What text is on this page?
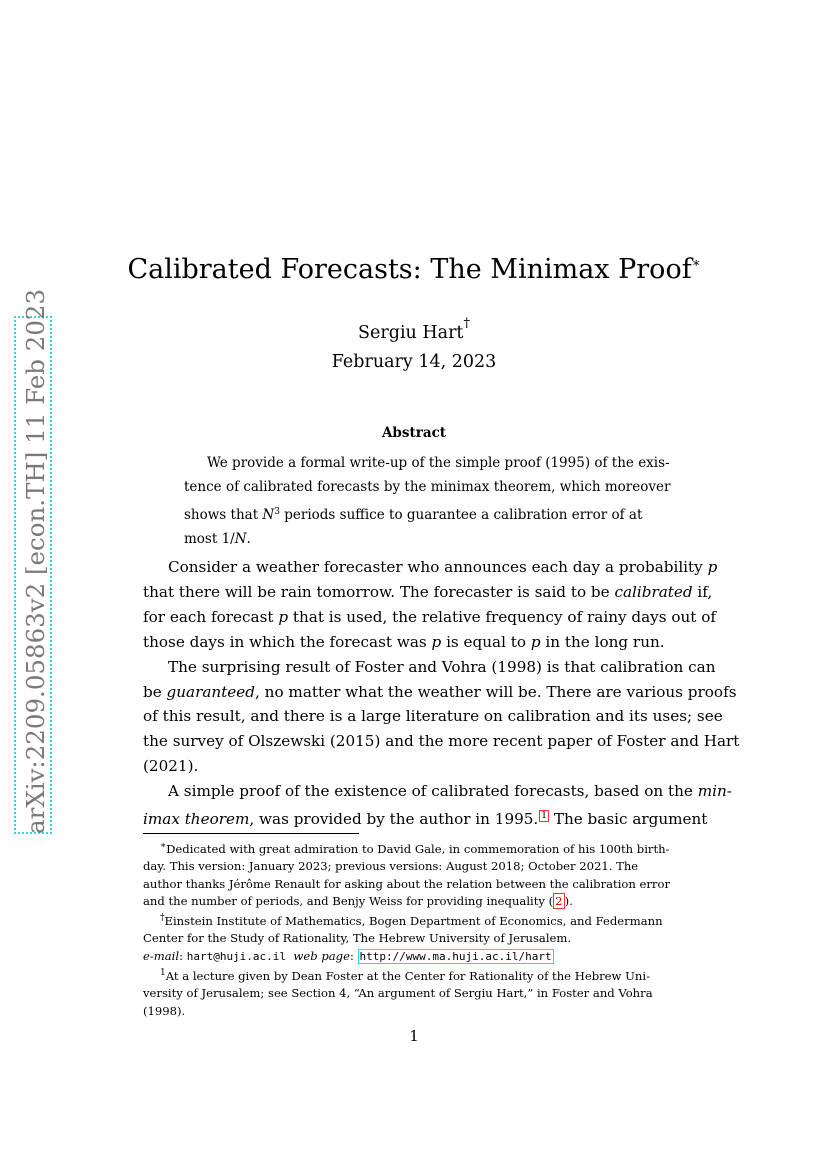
arXiv:2209.05863v2 [econ.TH] 11 Feb 2023
Calibrated Forecasts: The Minimax Proof∗
Sergiu Hart†
February 14, 2023
Abstract
We provide a formal write-up of the simple proof (1995) of the exis-
tence of calibrated forecasts by the minimax theorem, which moreover
shows that $N^3$ periods suffice to guarantee a calibration error of at
most 1/N.
Consider a weather forecaster who announces each day a probability p
that there will be rain tomorrow. The forecaster is said to be calibrated if,
for each forecast p that is used, the relative frequency of rainy days out of
those days in which the forecast was p is equal to p in the long run.
The surprising result of Foster and Vohra (1998) is that calibration can
be guaranteed, no matter what the weather will be. There are various proofs
of this result, and there is a large literature on calibration and its uses; see
the survey of Olszewski (2015) and the more recent paper of Foster and Hart
(2021).
A simple proof of the existence of calibrated forecasts, based on the min-
imax theorem, was provided by the author in 1995. $^1$ The basic argument
∗Dedicated with great admiration to David Gale, in commemoration of his 100th birth-
day. This version: January 2023; previous versions: August 2018; October 2021. The
author thanks Jérôme Renault for asking about the relation between the calibration error
and the number of periods, and Benjy Weiss for providing inequality ( 2 ).
†Einstein Institute of Mathematics, Bogen Department of Economics, and Federmann
Center for the Study of Rationality, The Hebrew University of Jerusalem.
e-mail: hart@huji.ac.il web page: http://www.ma.huji.ac.il/hart
$^1$At a lecture given by Dean Foster at the Center for Rationality of the Hebrew Uni-
versity of Jerusalem; see Section 4, “An argument of Sergiu Hart,” in Foster and Vohra
(1998).
1
